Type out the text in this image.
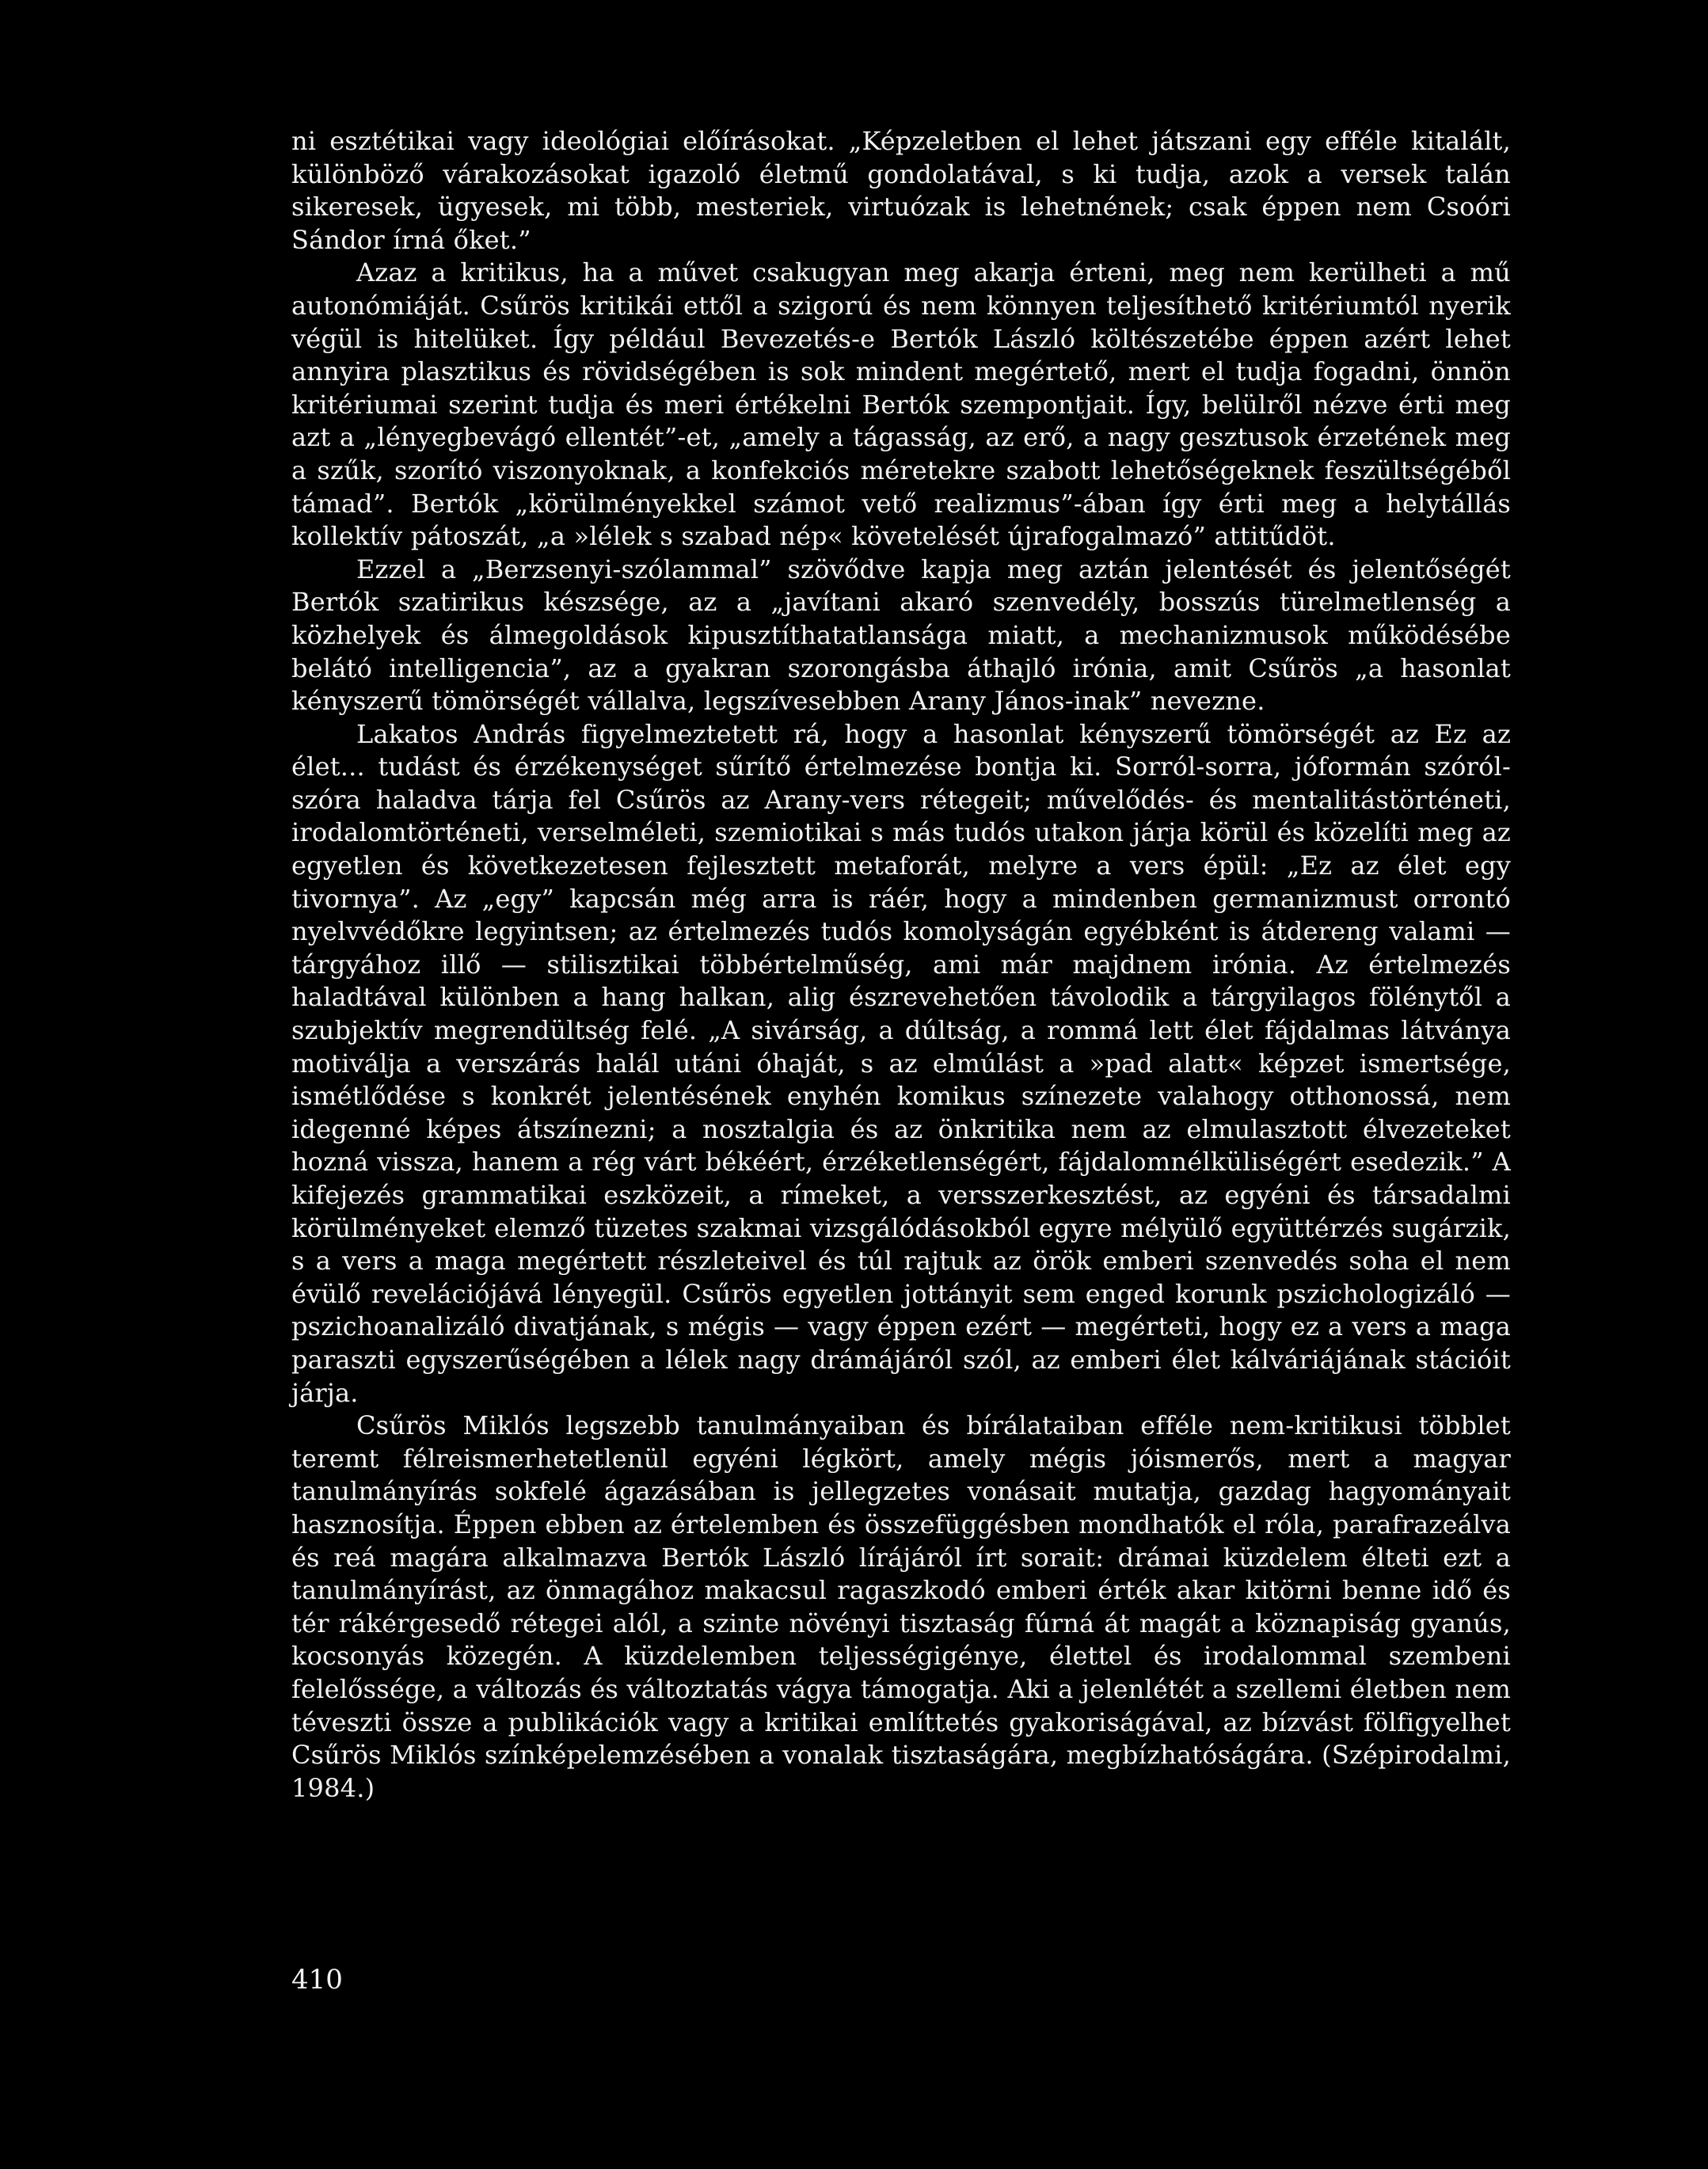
ni esztétikai vagy ideológiai előírásokat. „Képzeletben el lehet játszani egy efféle kitalált, különböző várakozásokat igazoló életmű gondolatával, s ki tudja, azok a versek talán sikeresek, ügyesek, mi több, mesteriek, virtuózak is lehetnének; csak éppen nem Csoóri Sándor írná őket.”

Azaz a kritikus, ha a művet csakugyan meg akarja érteni, meg nem kerülheti a mű autonómiáját. Csűrös kritikái ettől a szigorú és nem könnyen teljesíthető kritériumtól nyerik végül is hitelüket. Így például Bevezetés-e Bertók László költészetébe éppen azért lehet annyira plasztikus és rövidségében is sok mindent megértető, mert el tudja fogadni, önnön kritériumai szerint tudja és meri értékelni Bertók szempontjait. Így, belülről nézve érti meg azt a „lényegbevágó ellentét”-et, „amely a tágasság, az erő, a nagy gesztusok érzetének meg a szűk, szorító viszonyoknak, a konfekciós méretekre szabott lehetőségeknek feszültségéből támad”. Bertók „körülményekkel számot vető realizmus”-ában így érti meg a helytállás kollektív pátoszát, „a »lélek s szabad nép« követelését újrafogalmazó” attitűdöt.

Ezzel a „Berzsenyi-szólammal” szövődve kapja meg aztán jelentését és jelentőségét Bertók szatirikus készsége, az a „javítani akaró szenvedély, bosszús türelmetlenség a közhelyek és álmegoldások kipusztíthatatlansága miatt, a mechanizmusok működésébe belátó intelligencia”, az a gyakran szorongásba áthajló irónia, amit Csűrös „a hasonlat kényszerű tömörségét vállalva, legszívesebben Arany János-inak” nevezne.

Lakatos András figyelmeztetett rá, hogy a hasonlat kényszerű tömörségét az Ez az élet... tudást és érzékenységet sűrítő értelmezése bontja ki. Sorról-sorra, jóformán szóról-szóra haladva tárja fel Csűrös az Arany-vers rétegeit; művelődés- és mentalitástörténeti, irodalomtörténeti, verselméleti, szemiotikai s más tudós utakon járja körül és közelíti meg az egyetlen és következetesen fejlesztett metaforát, melyre a vers épül: „Ez az élet egy tivornya”. Az „egy” kapcsán még arra is ráér, hogy a mindenben germanizmust orrontó nyelvvédőkre legyintsen; az értelmezés tudós komolyságán egyébként is átdereng valami — tárgyához illő — stilisztikai többértelműség, ami már majdnem irónia. Az értelmezés haladtával különben a hang halkan, alig észrevehetően távolodik a tárgyilagos fölénytől a szubjektív megrendültség felé. „A sivárság, a dúltság, a rommá lett élet fájdalmas látványa motiválja a verszárás halál utáni óhaját, s az elmúlást a »pad alatt« képzet ismertsége, ismétlődése s konkrét jelentésének enyhén komikus színezete valahogy otthonossá, nem idegenné képes átszínezni; a nosztalgia és az önkritika nem az elmulasztott élvezeteket hozná vissza, hanem a rég várt békéért, érzéketlenségért, fájdalomnélküliségért esedezik.” A kifejezés grammatikai eszközeit, a rímeket, a versszerkesztést, az egyéni és társadalmi körülményeket elemző tüzetes szakmai vizsgálódásokból egyre mélyülő együttérzés sugárzik, s a vers a maga megértett részleteivel és túl rajtuk az örök emberi szenvedés soha el nem évülő revelációjává lényegül. Csűrös egyetlen jottányit sem enged korunk pszichologizáló — pszichoanalizáló divatjának, s mégis — vagy éppen ezért — megérteti, hogy ez a vers a maga paraszti egyszerűségében a lélek nagy drámájáról szól, az emberi élet kálváriájának stációit járja.

Csűrös Miklós legszebb tanulmányaiban és bírálataiban efféle nem-kritikusi többlet teremt félreismerhetetlenül egyéni légkört, amely mégis jóismerős, mert a magyar tanulmányírás sokfelé ágazásában is jellegzetes vonásait mutatja, gazdag hagyományait hasznosítja. Éppen ebben az értelemben és összefüggésben mondhatók el róla, parafrazeálva és reá magára alkalmazva Bertók László lírájáról írt sorait: drámai küzdelem élteti ezt a tanulmányírást, az önmagához makacsul ragaszkodó emberi érték akar kitörni benne idő és tér rákérgesedő rétegei alól, a szinte növényi tisztaság fúrná át magát a köznapiság gyanús, kocsonyás közegén. A küzdelemben teljességigénye, élettel és irodalommal szembeni felelőssége, a változás és változtatás vágya támogatja. Aki a jelenlétét a szellemi életben nem téveszti össze a publikációk vagy a kritikai említtetés gyakoriságával, az bízvást fölfigyelhet Csűrös Miklós színképelemzésében a vonalak tisztaságára, megbízhatóságára. (Szépirodalmi, 1984.)

410
